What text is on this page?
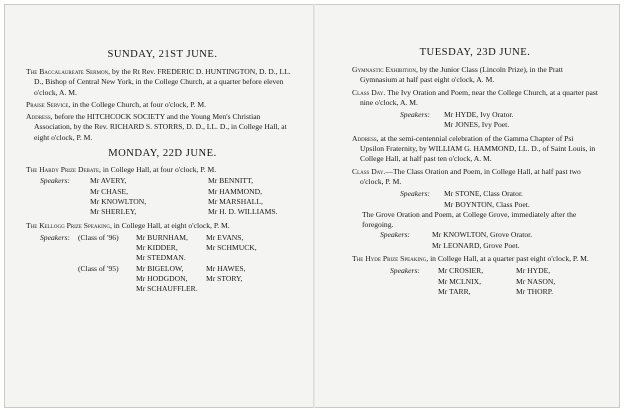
SUNDAY, 21ST JUNE.
The Baccalaureate Sermon, by the Rt Rev. FREDERIC D. HUNTINGTON, D. D., LL. D., Bishop of Central New York, in the College Church, at a quarter before eleven o'clock, A. M.
Praise Service, in the College Church, at four o'clock, P. M.
Address, before the HITCHCOCK SOCIETY and the Young Men's Christian Association, by the Rev. RICHARD S. STORRS, D. D., LL. D., in College Hall, at eight o'clock, P. M.
MONDAY, 22D JUNE.
The Hardy Prize Debate, in College Hall, at four o'clock, P. M.
Speakers:	Mr AVERY,	Mr BENNITT,
Mr CHASE,	Mr HAMMOND,
Mr KNOWLTON,	Mr MARSHALL,
Mr SHERLEY,	Mr H. D. WILLIAMS.
The Kellogg Prize Speaking, in College Hall, at eight o'clock, P. M.
Speakers:	(Class of '96)	Mr BURNHAM,	Mr EVANS,
Mr KIDDER,	Mr SCHMUCK,
Mr STEDMAN.
(Class of '95)	Mr BIGELOW,	Mr HAWES,
Mr HODGDON,	Mr STORY,
Mr SCHAUFFLER.
TUESDAY, 23D JUNE.
Gymnastic Exhibition, by the Junior Class (Lincoln Prize), in the Pratt Gymnasium at half past eight o'clock, A. M.
Class Day. The Ivy Oration and Poem, near the College Church, at a quarter past nine o'clock, A. M.
Speakers:	Mr HYDE, Ivy Orator.
Mr JONES, Ivy Poet.
Address, at the semi-centennial celebration of the Gamma Chapter of Psi Upsilon Fraternity, by WILLIAM G. HAMMOND, LL. D., of Saint Louis, in College Hall, at half past ten o'clock, A. M.
Class Day.—The Class Oration and Poem, in College Hall, at half past two o'clock, P. M.
Speakers:	Mr STONE, Class Orator.
Mr BOYNTON, Class Poet.
The Grove Oration and Poem, at College Grove, immediately after the foregoing.
Speakers:	Mr KNOWLTON, Grove Orator.
Mr LEONARD, Grove Poet.
The Hyde Prize Speaking, in College Hall, at a quarter past eight o'clock, P. M.
Speakers:	Mr CROSIER,	Mr HYDE,
Mr MCLNIX,	Mr NASON,
Mr TARR,	Mr THORP.
